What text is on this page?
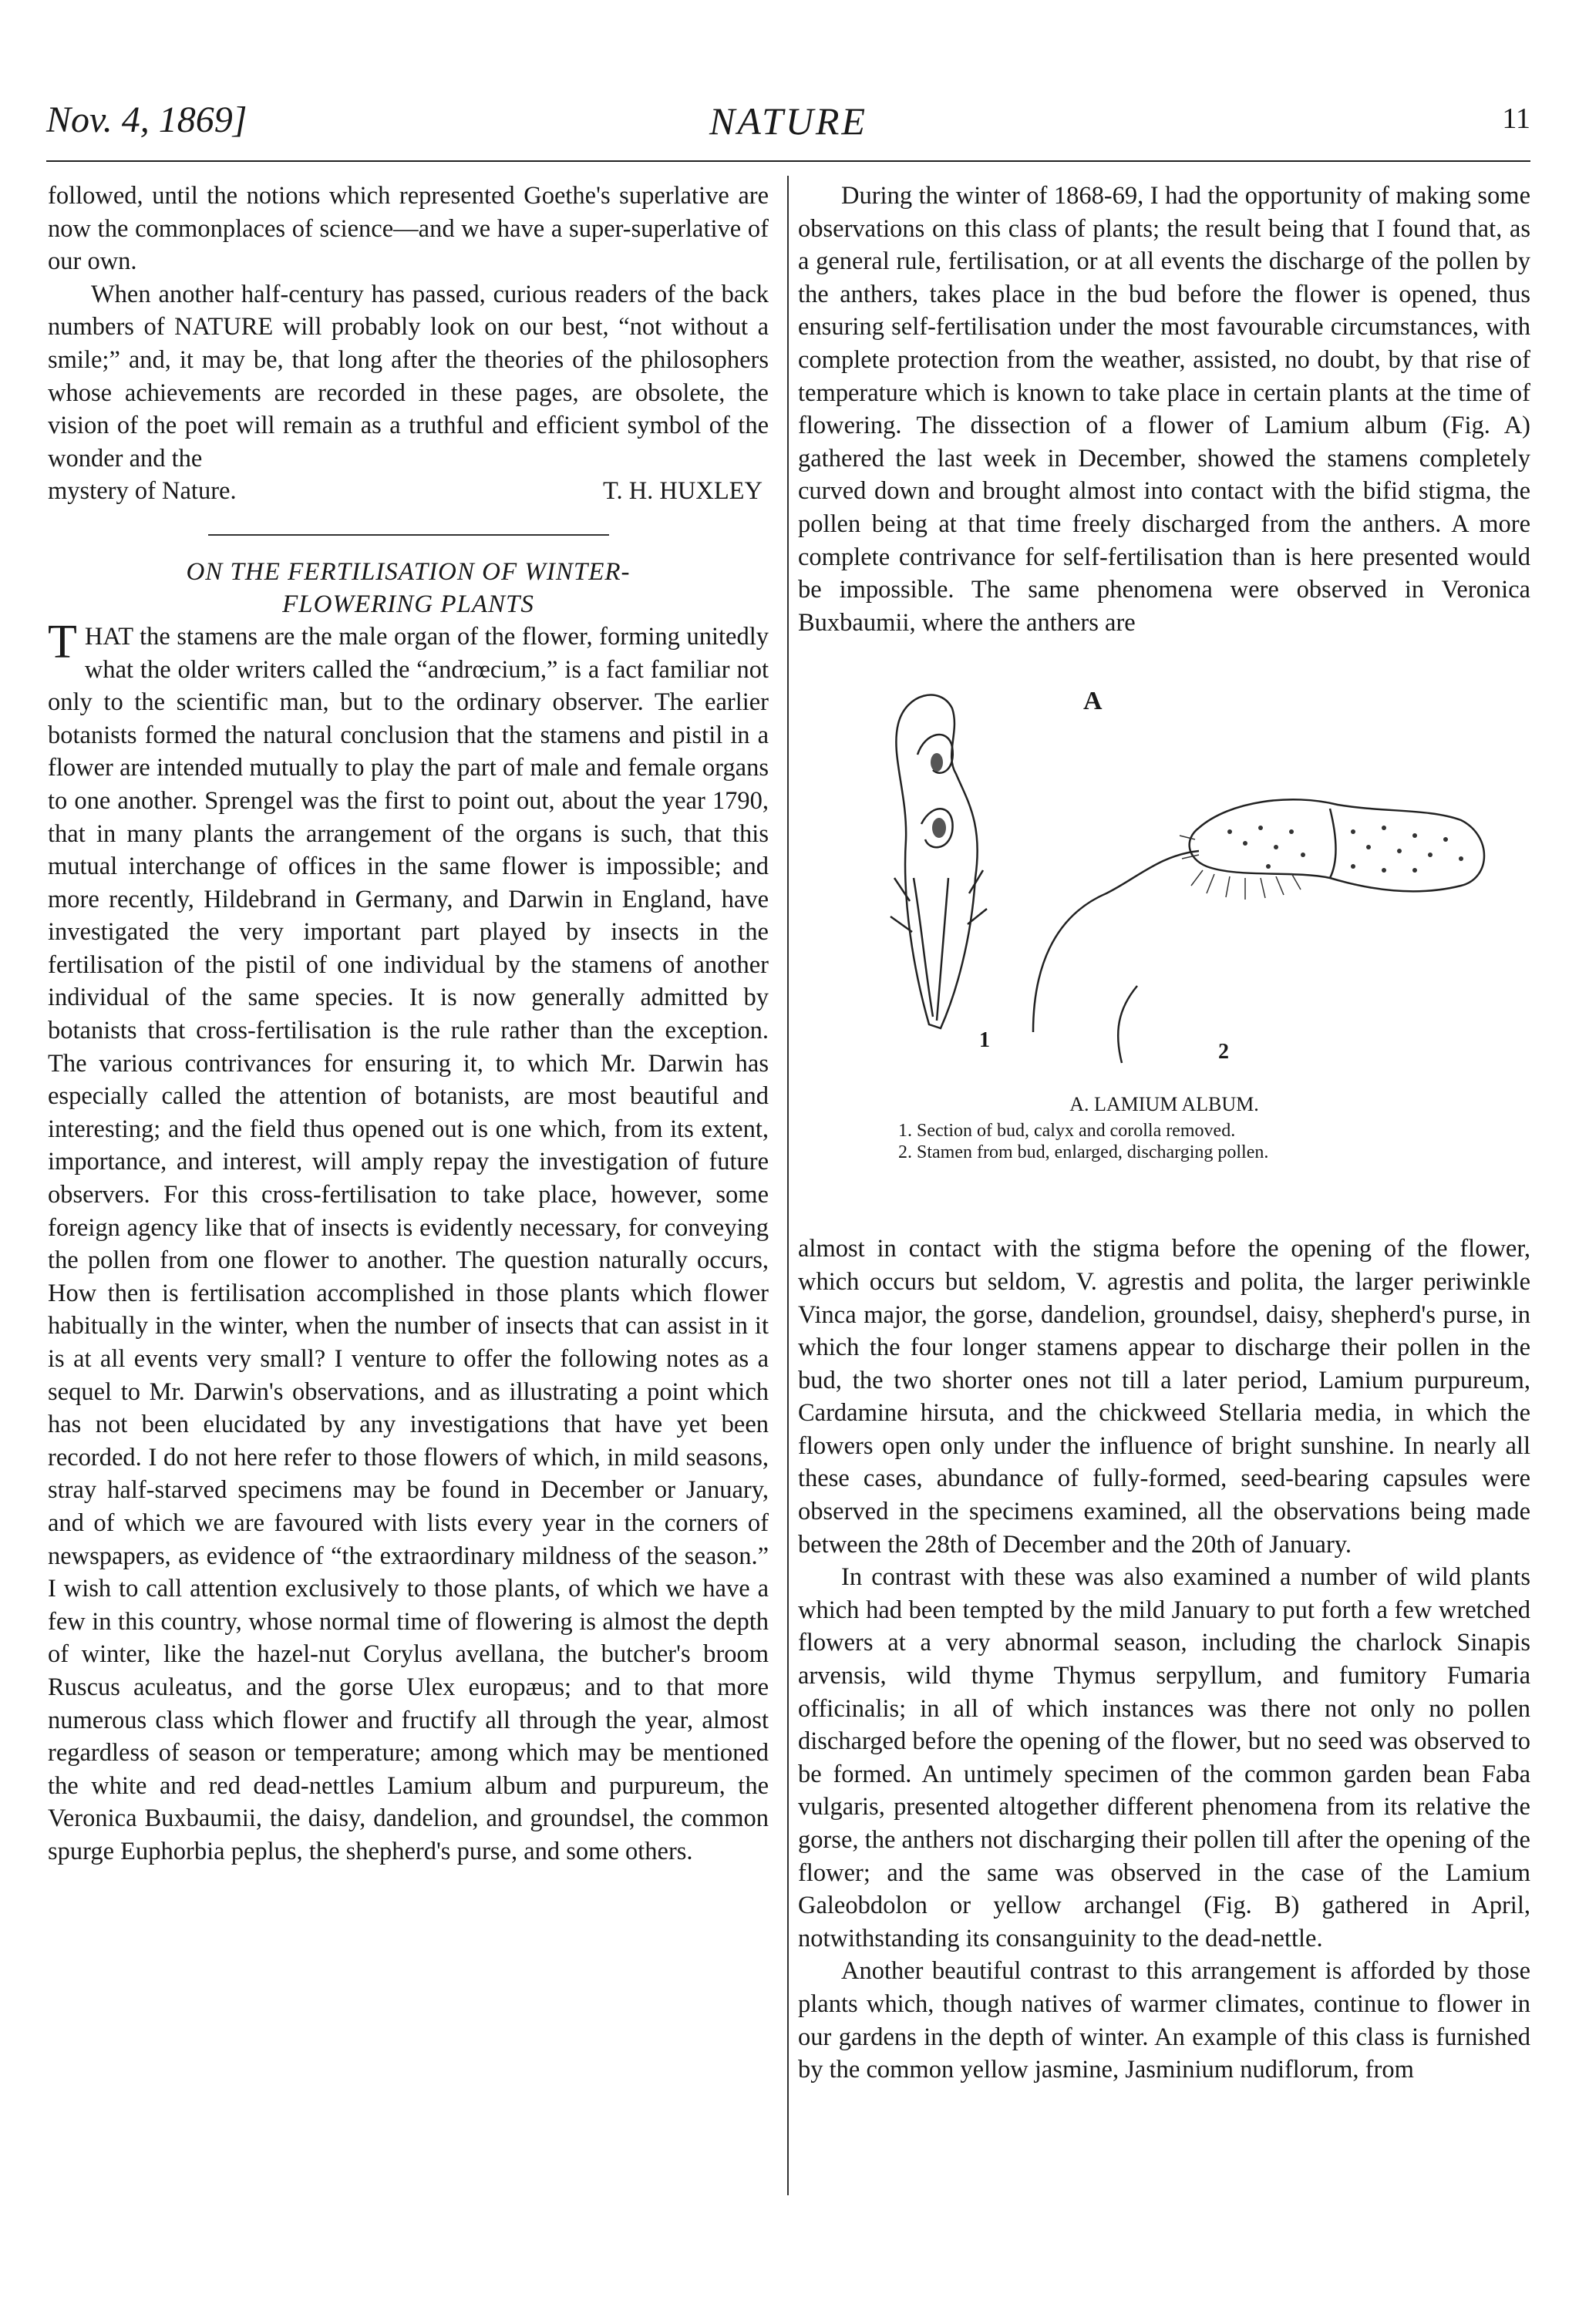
Nov. 4, 1869]	NATURE	11

followed, until the notions which represented Goethe's superlative are now the commonplaces of science—and we have a super-superlative of our own.

When another half-century has passed, curious readers of the back numbers of NATURE will probably look on our best, “not without a smile;” and, it may be, that long after the theories of the philosophers whose achievements are recorded in these pages, are obsolete, the vision of the poet will remain as a truthful and efficient symbol of the wonder and the

mystery of Nature.	T. H. HUXLEY
ON THE FERTILISATION OF WINTER-
FLOWERING PLANTS

T HAT the stamens are the male organ of the flower, forming unitedly what the older writers called the “andrœcium,” is a fact familiar not only to the scientific man, but to the ordinary observer. The earlier botanists formed the natural conclusion that the stamens and pistil in a flower are intended mutually to play the part of male and female organs to one another. Sprengel was the first to point out, about the year 1790, that in many plants the arrangement of the organs is such, that this mutual interchange of offices in the same flower is impossible; and more recently, Hildebrand in Germany, and Darwin in England, have investigated the very important part played by insects in the fertilisation of the pistil of one individual by the stamens of another individual of the same species. It is now generally admitted by botanists that cross-fertilisation is the rule rather than the exception. The various contrivances for ensuring it, to which Mr. Darwin has especially called the attention of botanists, are most beautiful and interesting; and the field thus opened out is one which, from its extent, importance, and interest, will amply repay the investigation of future observers. For this cross-fertilisation to take place, however, some foreign agency like that of insects is evidently necessary, for conveying the pollen from one flower to another. The question naturally occurs, How then is fertilisation accomplished in those plants which flower habitually in the winter, when the number of insects that can assist in it is at all events very small? I venture to offer the following notes as a sequel to Mr. Darwin's observations, and as illustrating a point which has not been elucidated by any investigations that have yet been recorded. I do not here refer to those flowers of which, in mild seasons, stray half-starved specimens may be found in December or January, and of which we are favoured with lists every year in the corners of newspapers, as evidence of “the extraordinary mildness of the season.” I wish to call attention exclusively to those plants, of which we have a few in this country, whose normal time of flowering is almost the depth of winter, like the hazel-nut Corylus avellana, the butcher's broom Ruscus aculeatus, and the gorse Ulex europæus; and to that more numerous class which flower and fructify all through the year, almost regardless of season or temperature; among which may be mentioned the white and red dead-nettles Lamium album and purpureum, the Veronica Buxbaumii, the daisy, dandelion, and groundsel, the common spurge Euphorbia peplus, the shepherd's purse, and some others.

During the winter of 1868-69, I had the opportunity of making some observations on this class of plants; the result being that I found that, as a general rule, fertilisation, or at all events the discharge of the pollen by the anthers, takes place in the bud before the flower is opened, thus ensuring self-fertilisation under the most favourable circumstances, with complete protection from the weather, assisted, no doubt, by that rise of temperature which is known to take place in certain plants at the time of flowering. The dissection of a flower of Lamium album (Fig. A) gathered the last week in December, showed the stamens completely curved down and brought almost into contact with the bifid stigma, the pollen being at that time freely discharged from the anthers. A more complete contrivance for self-fertilisation than is here presented would be impossible. The same phenomena were observed in Veronica Buxbaumii, where the anthers are

A
1	2
A. LAMIUM ALBUM.
1. Section of bud, calyx and corolla removed.
2. Stamen from bud, enlarged, discharging pollen.

almost in contact with the stigma before the opening of the flower, which occurs but seldom, V. agrestis and polita, the larger periwinkle Vinca major, the gorse, dandelion, groundsel, daisy, shepherd's purse, in which the four longer stamens appear to discharge their pollen in the bud, the two shorter ones not till a later period, Lamium purpureum, Cardamine hirsuta, and the chickweed Stellaria media, in which the flowers open only under the influence of bright sunshine. In nearly all these cases, abundance of fully-formed, seed-bearing capsules were observed in the specimens examined, all the observations being made between the 28th of December and the 20th of January.

In contrast with these was also examined a number of wild plants which had been tempted by the mild January to put forth a few wretched flowers at a very abnormal season, including the charlock Sinapis arvensis, wild thyme Thymus serpyllum, and fumitory Fumaria officinalis; in all of which instances was there not only no pollen discharged before the opening of the flower, but no seed was observed to be formed. An untimely specimen of the common garden bean Faba vulgaris, presented altogether different phenomena from its relative the gorse, the anthers not discharging their pollen till after the opening of the flower; and the same was observed in the case of the Lamium Galeobdolon or yellow archangel (Fig. B) gathered in April, notwithstanding its consanguinity to the dead-nettle.

Another beautiful contrast to this arrangement is afforded by those plants which, though natives of warmer climates, continue to flower in our gardens in the depth of winter. An example of this class is furnished by the common yellow jasmine, Jasminium nudiflorum, from
